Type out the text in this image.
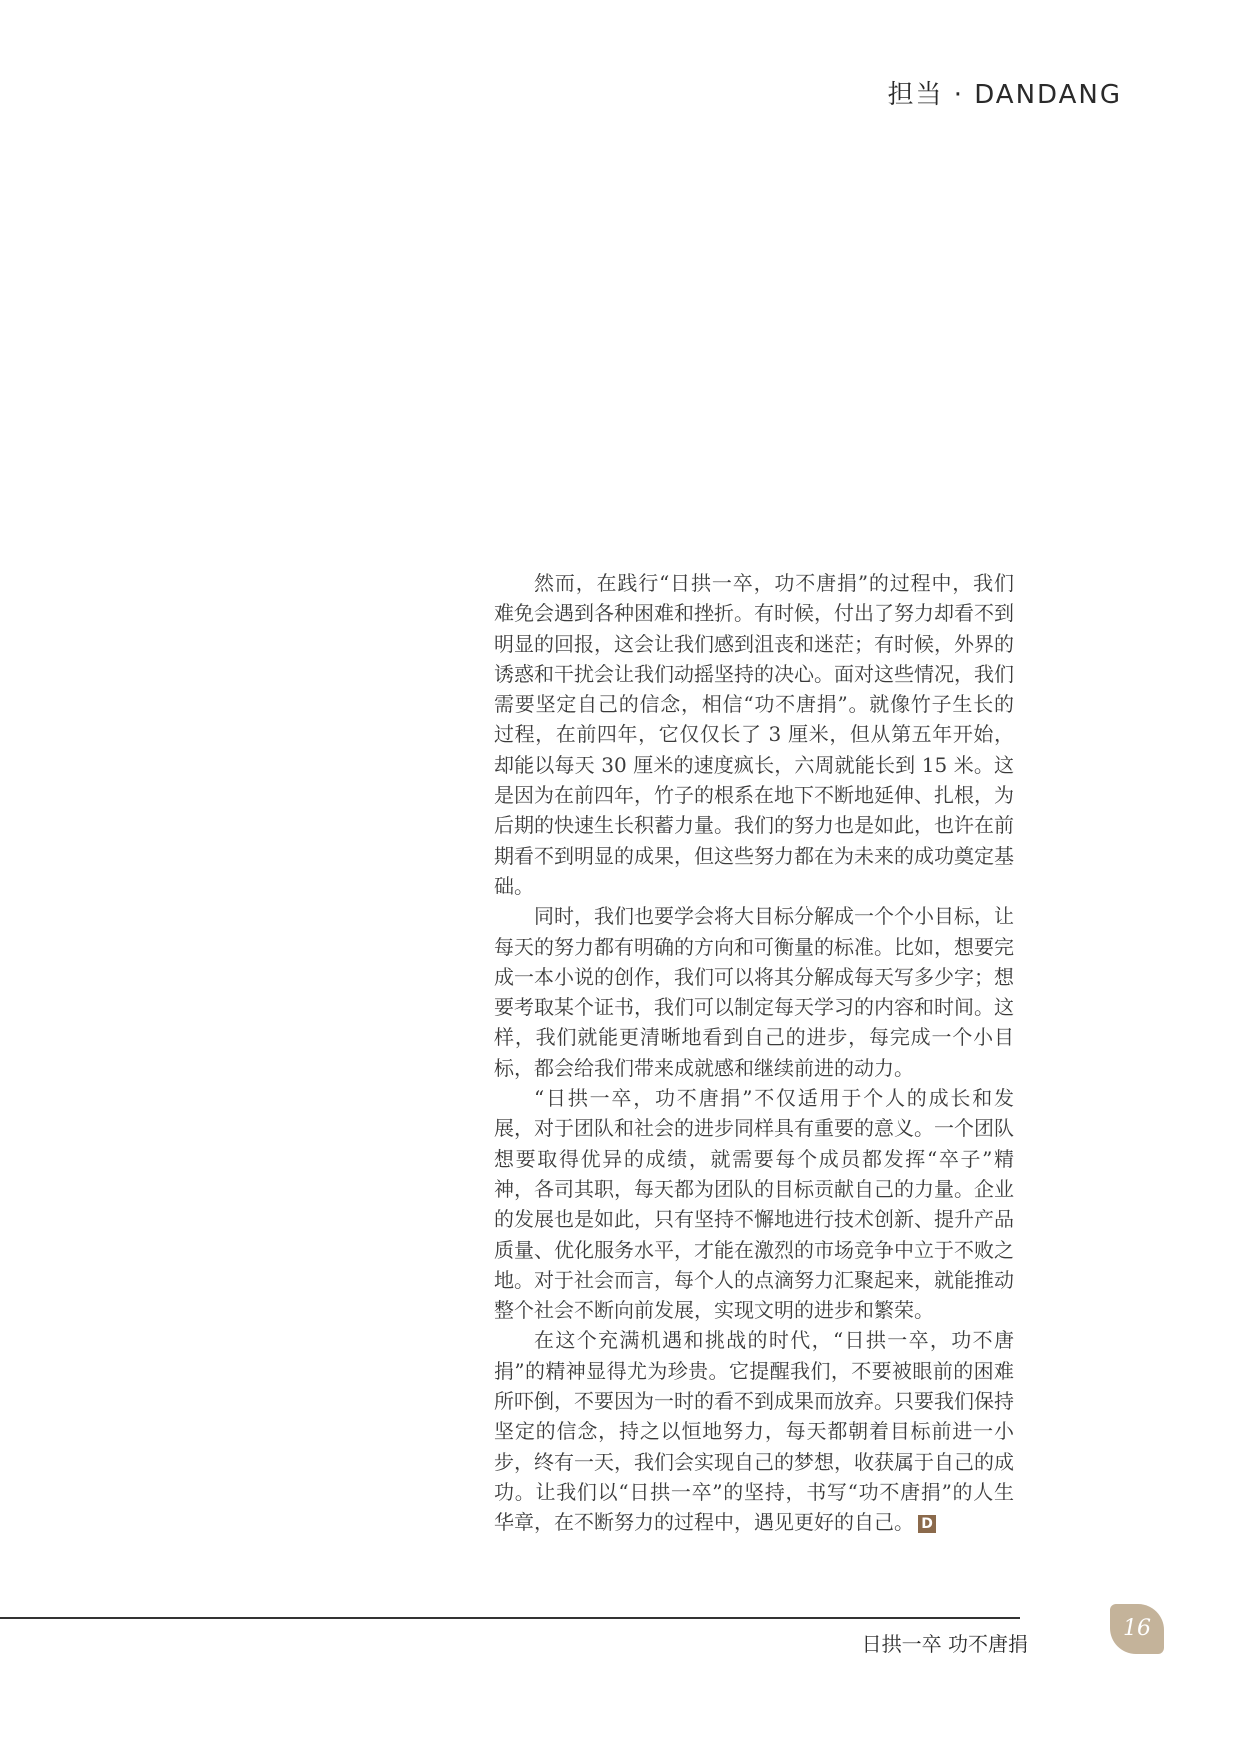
担当 · DANDANG

然而，在践行“日拱一卒，功不唐捐”的过程中，我们难免会遇到各种困难和挫折。有时候，付出了努力却看不到明显的回报，这会让我们感到沮丧和迷茫；有时候，外界的诱惑和干扰会让我们动摇坚持的决心。面对这些情况，我们需要坚定自己的信念，相信“功不唐捐”。就像竹子生长的过程，在前四年，它仅仅长了 3 厘米，但从第五年开始，却能以每天 30 厘米的速度疯长，六周就能长到 15 米。这是因为在前四年，竹子的根系在地下不断地延伸、扎根，为后期的快速生长积蓄力量。我们的努力也是如此，也许在前期看不到明显的成果，但这些努力都在为未来的成功奠定基础。

同时，我们也要学会将大目标分解成一个个小目标，让每天的努力都有明确的方向和可衡量的标准。比如，想要完成一本小说的创作，我们可以将其分解成每天写多少字；想要考取某个证书，我们可以制定每天学习的内容和时间。这样，我们就能更清晰地看到自己的进步，每完成一个小目标，都会给我们带来成就感和继续前进的动力。

“日拱一卒，功不唐捐”不仅适用于个人的成长和发展，对于团队和社会的进步同样具有重要的意义。一个团队想要取得优异的成绩，就需要每个成员都发挥“卒子”精神，各司其职，每天都为团队的目标贡献自己的力量。企业的发展也是如此，只有坚持不懈地进行技术创新、提升产品质量、优化服务水平，才能在激烈的市场竞争中立于不败之地。对于社会而言，每个人的点滴努力汇聚起来，就能推动整个社会不断向前发展，实现文明的进步和繁荣。

在这个充满机遇和挑战的时代，“日拱一卒，功不唐捐”的精神显得尤为珍贵。它提醒我们，不要被眼前的困难所吓倒，不要因为一时的看不到成果而放弃。只要我们保持坚定的信念，持之以恒地努力，每天都朝着目标前进一小步，终有一天，我们会实现自己的梦想，收获属于自己的成功。让我们以“日拱一卒”的坚持，书写“功不唐捐”的人生华章，在不断努力的过程中，遇见更好的自己。 D

日拱一卒 功不唐捐
16
